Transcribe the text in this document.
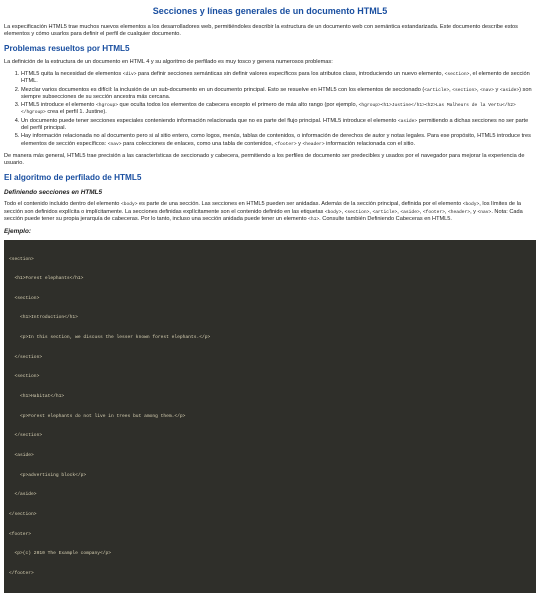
Secciones y líneas generales de un documento HTML5

La especificación HTML5 trae muchos nuevos elementos a los desarrolladores web, permitiéndoles describir la estructura de un documento web con semántica estandarizada. Este documento describe estos elementos y cómo usarlos para definir el perfil de cualquier documento.

Problemas resueltos por HTML5

La definición de la estructura de un documento en HTML 4 y su algoritmo de perfilado es muy tosco y genera numerosos problemas:

1. HTML5 quita la necesidad de elementos <div> para definir secciones semánticas sin definir valores específicos para los atributos class, introduciendo un nuevo elemento, <section>, el elemento de sección HTML.
2. Mezclar varios documentos es difícil: la inclusión de un sub-documento en un documento principal. Esto se resuelve en HTML5 con los elementos de seccionado (<article>, <section>, <nav> y <aside>) son siempre subsecciones de su sección ancestra más cercana.
3. HTML5 introduce el elemento <hgroup> que oculta todos los elementos de cabecera excepto el primero de más alto rango (por ejemplo, <hgroup><h1>Justine</h1><h2>Las Malheurs de la Vertu</h2></hgroup> crea el perfil 1. Justine).
4. Un documento puede tener secciones especiales conteniendo información relacionada que no es parte del flujo principal. HTML5 introduce el elemento <aside> permitiendo a dichas secciones no ser parte del perfil principal.
5. Hay información relacionada no al documento pero si al sitio entero, como logos, menús, tablas de contenidos, o información de derechos de autor y notas legales. Para ese propósito, HTML5 introduce tres elementos de sección específicos: <nav> para colecciones de enlaces, como una tabla de contenidos, <footer> y <header> información relacionada con el sitio.

De manera más general, HTML5 trae precisión a las características de seccionado y cabecera, permitiendo a los perfiles de documento ser predecibles y usados por el navegador para mejorar la experiencia de usuario.

El algoritmo de perfilado de HTML5
Definiendo secciones en HTML5

Todo el contenido incluido dentro del elemento <body> es parte de una sección. Las secciones en HTML5 pueden ser anidadas. Además de la sección principal, definida por el elemento <body>, los límites de la sección son definidos explícita o implícitamente. La secciones definidas explícitamente son el contenido definido en las etiquetas <body>, <section>, <article>, <aside>, <footer>, <header>, y <nav>. Nota: Cada sección puede tener su propia jerarquía de cabeceras. Por lo tanto, incluso una sección anidada puede tener un elemento <h1>. Consulte también Definiendo Cabeceras en HTML5.

Ejemplo:

<section>

<h1>Forest elephants</h1>

<section>

<h1>Introduction</h1>

<p>In this section, we discuss the lesser known forest elephants.</p>

</section>

<section>

<h1>Habitat</h1>

<p>Forest elephants do not live in trees but among them.</p>

</section>

<aside>

<p>advertising block</p>

</aside>

</section>

<footer>

<p>(c) 2010 The Example company</p>

</footer>
